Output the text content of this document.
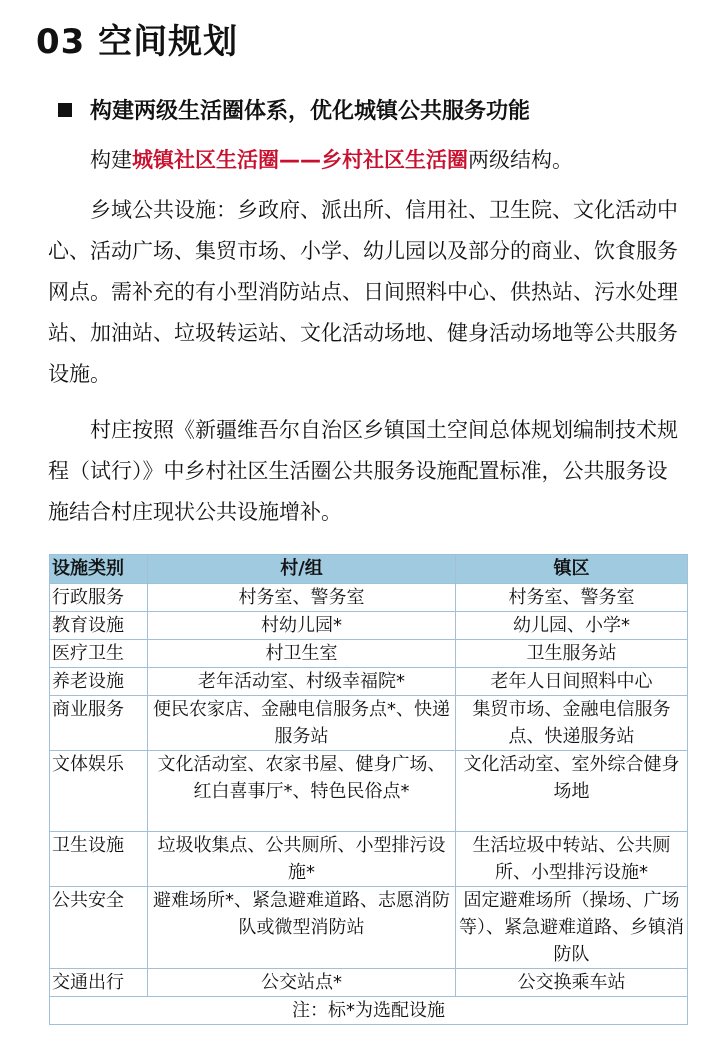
03 空间规划
构建两级生活圈体系，优化城镇公共服务功能
构建城镇社区生活圈——乡村社区生活圈两级结构。
乡域公共设施：乡政府、派出所、信用社、卫生院、文化活动中心、活动广场、集贸市场、小学、幼儿园以及部分的商业、饮食服务网点。需补充的有小型消防站点、日间照料中心、供热站、污水处理站、加油站、垃圾转运站、文化活动场地、健身活动场地等公共服务设施。
村庄按照《新疆维吾尔自治区乡镇国土空间总体规划编制技术规程（试行）》中乡村社区生活圈公共服务设施配置标准，公共服务设施结合村庄现状公共设施增补。
设施类别	村/组	镇区
行政服务	村务室、警务室	村务室、警务室
教育设施	村幼儿园*	幼儿园、小学*
医疗卫生	村卫生室	卫生服务站
养老设施	老年活动室、村级幸福院*	老年人日间照料中心
商业服务	便民农家店、金融电信服务点*、快递服务站	集贸市场、金融电信服务点、快递服务站
文体娱乐	文化活动室、农家书屋、健身广场、红白喜事厅*、特色民俗点*	文化活动室、室外综合健身场地
卫生设施	垃圾收集点、公共厕所、小型排污设施*	生活垃圾中转站、公共厕所、小型排污设施*
公共安全	避难场所*、紧急避难道路、志愿消防队或微型消防站	固定避难场所（操场、广场等）、紧急避难道路、乡镇消防队
交通出行	公交站点*	公交换乘车站
注：标*为选配设施		
